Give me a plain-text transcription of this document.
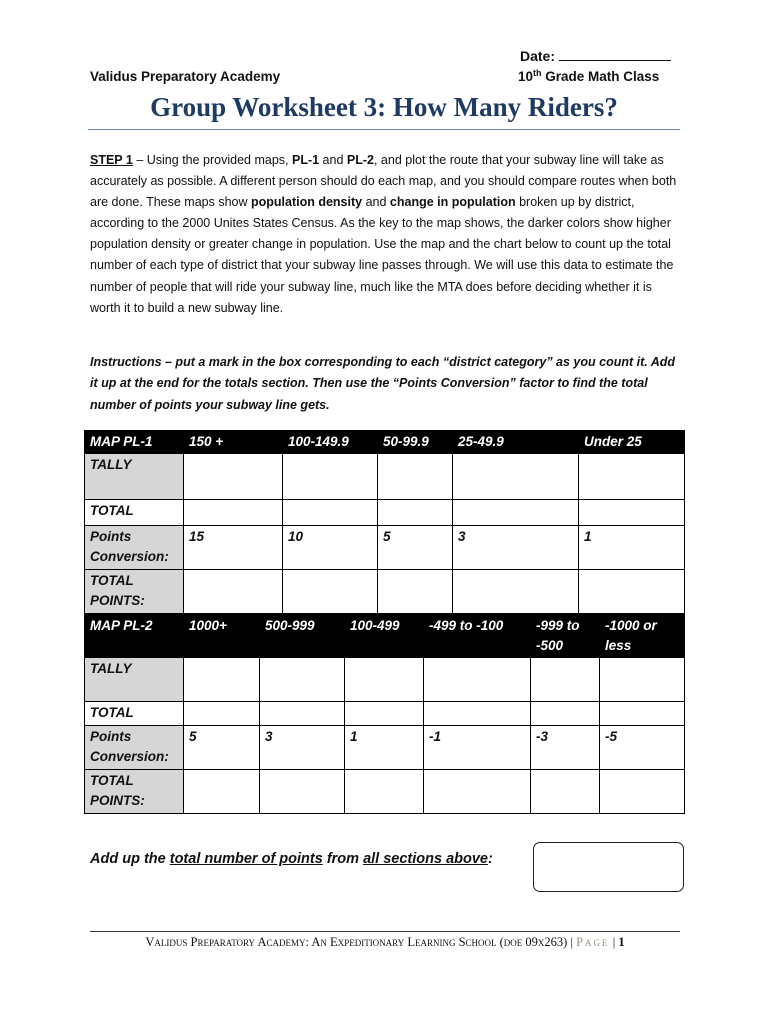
Date:
Validus Preparatory Academy	10th Grade Math Class
Group Worksheet 3: How Many Riders?

STEP 1 – Using the provided maps, PL-1 and PL-2, and plot the route that your subway line will take as accurately as possible. A different person should do each map, and you should compare routes when both are done. These maps show population density and change in population broken up by district, according to the 2000 Unites States Census. As the key to the map shows, the darker colors show higher population density or greater change in population. Use the map and the chart below to count up the total number of each type of district that your subway line passes through. We will use this data to estimate the number of people that will ride your subway line, much like the MTA does before deciding whether it is worth it to build a new subway line.

Instructions – put a mark in the box corresponding to each “district category” as you count it. Add it up at the end for the totals section. Then use the “Points Conversion” factor to find the total number of points your subway line gets.

MAP PL-1	150 +	100-149.9	50-99.9	25-49.9	Under 25
TALLY					
TOTAL					
Points Conversion:	15	10	5	3	1
TOTAL POINTS:					
MAP PL-2	1000+	500-999	100-499	-499 to -100	-999 to -500	-1000 or less
TALLY						
TOTAL						
Points Conversion:	5	3	1	-1	-3	-5
TOTAL POINTS:						
Add up the total number of points from all sections above:
Validus Preparatory Academy: An Expeditionary Learning School (doe 09x263) | Page | 1
